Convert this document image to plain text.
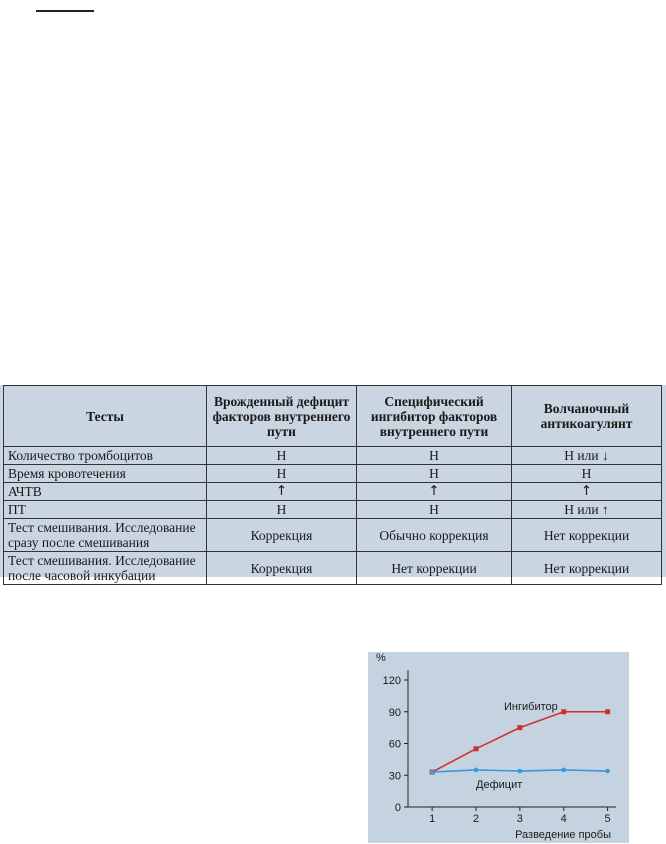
Тесты	Врожденный дефицит факторов внутреннего пути	Специфический ингибитор факторов внутреннего пути	Волчаночный антикоагулянт
Количество тромбоцитов	Н	Н	Н или ↓
Время кровотечения	Н	Н	Н
АЧТВ	↑	↑	↑
ПТ	Н	Н	Н или ↑
Тест смешивания. Исследование сразу после смешивания	Коррекция	Обычно коррекция	Нет коррекции
Тест смешивания. Исследование после часовой инкубации	Коррекция	Нет коррекции	Нет коррекции
0
30
60
90
120
1	2	3	4	5
%
Разведение пробы
Ингибитор
Дефицит
